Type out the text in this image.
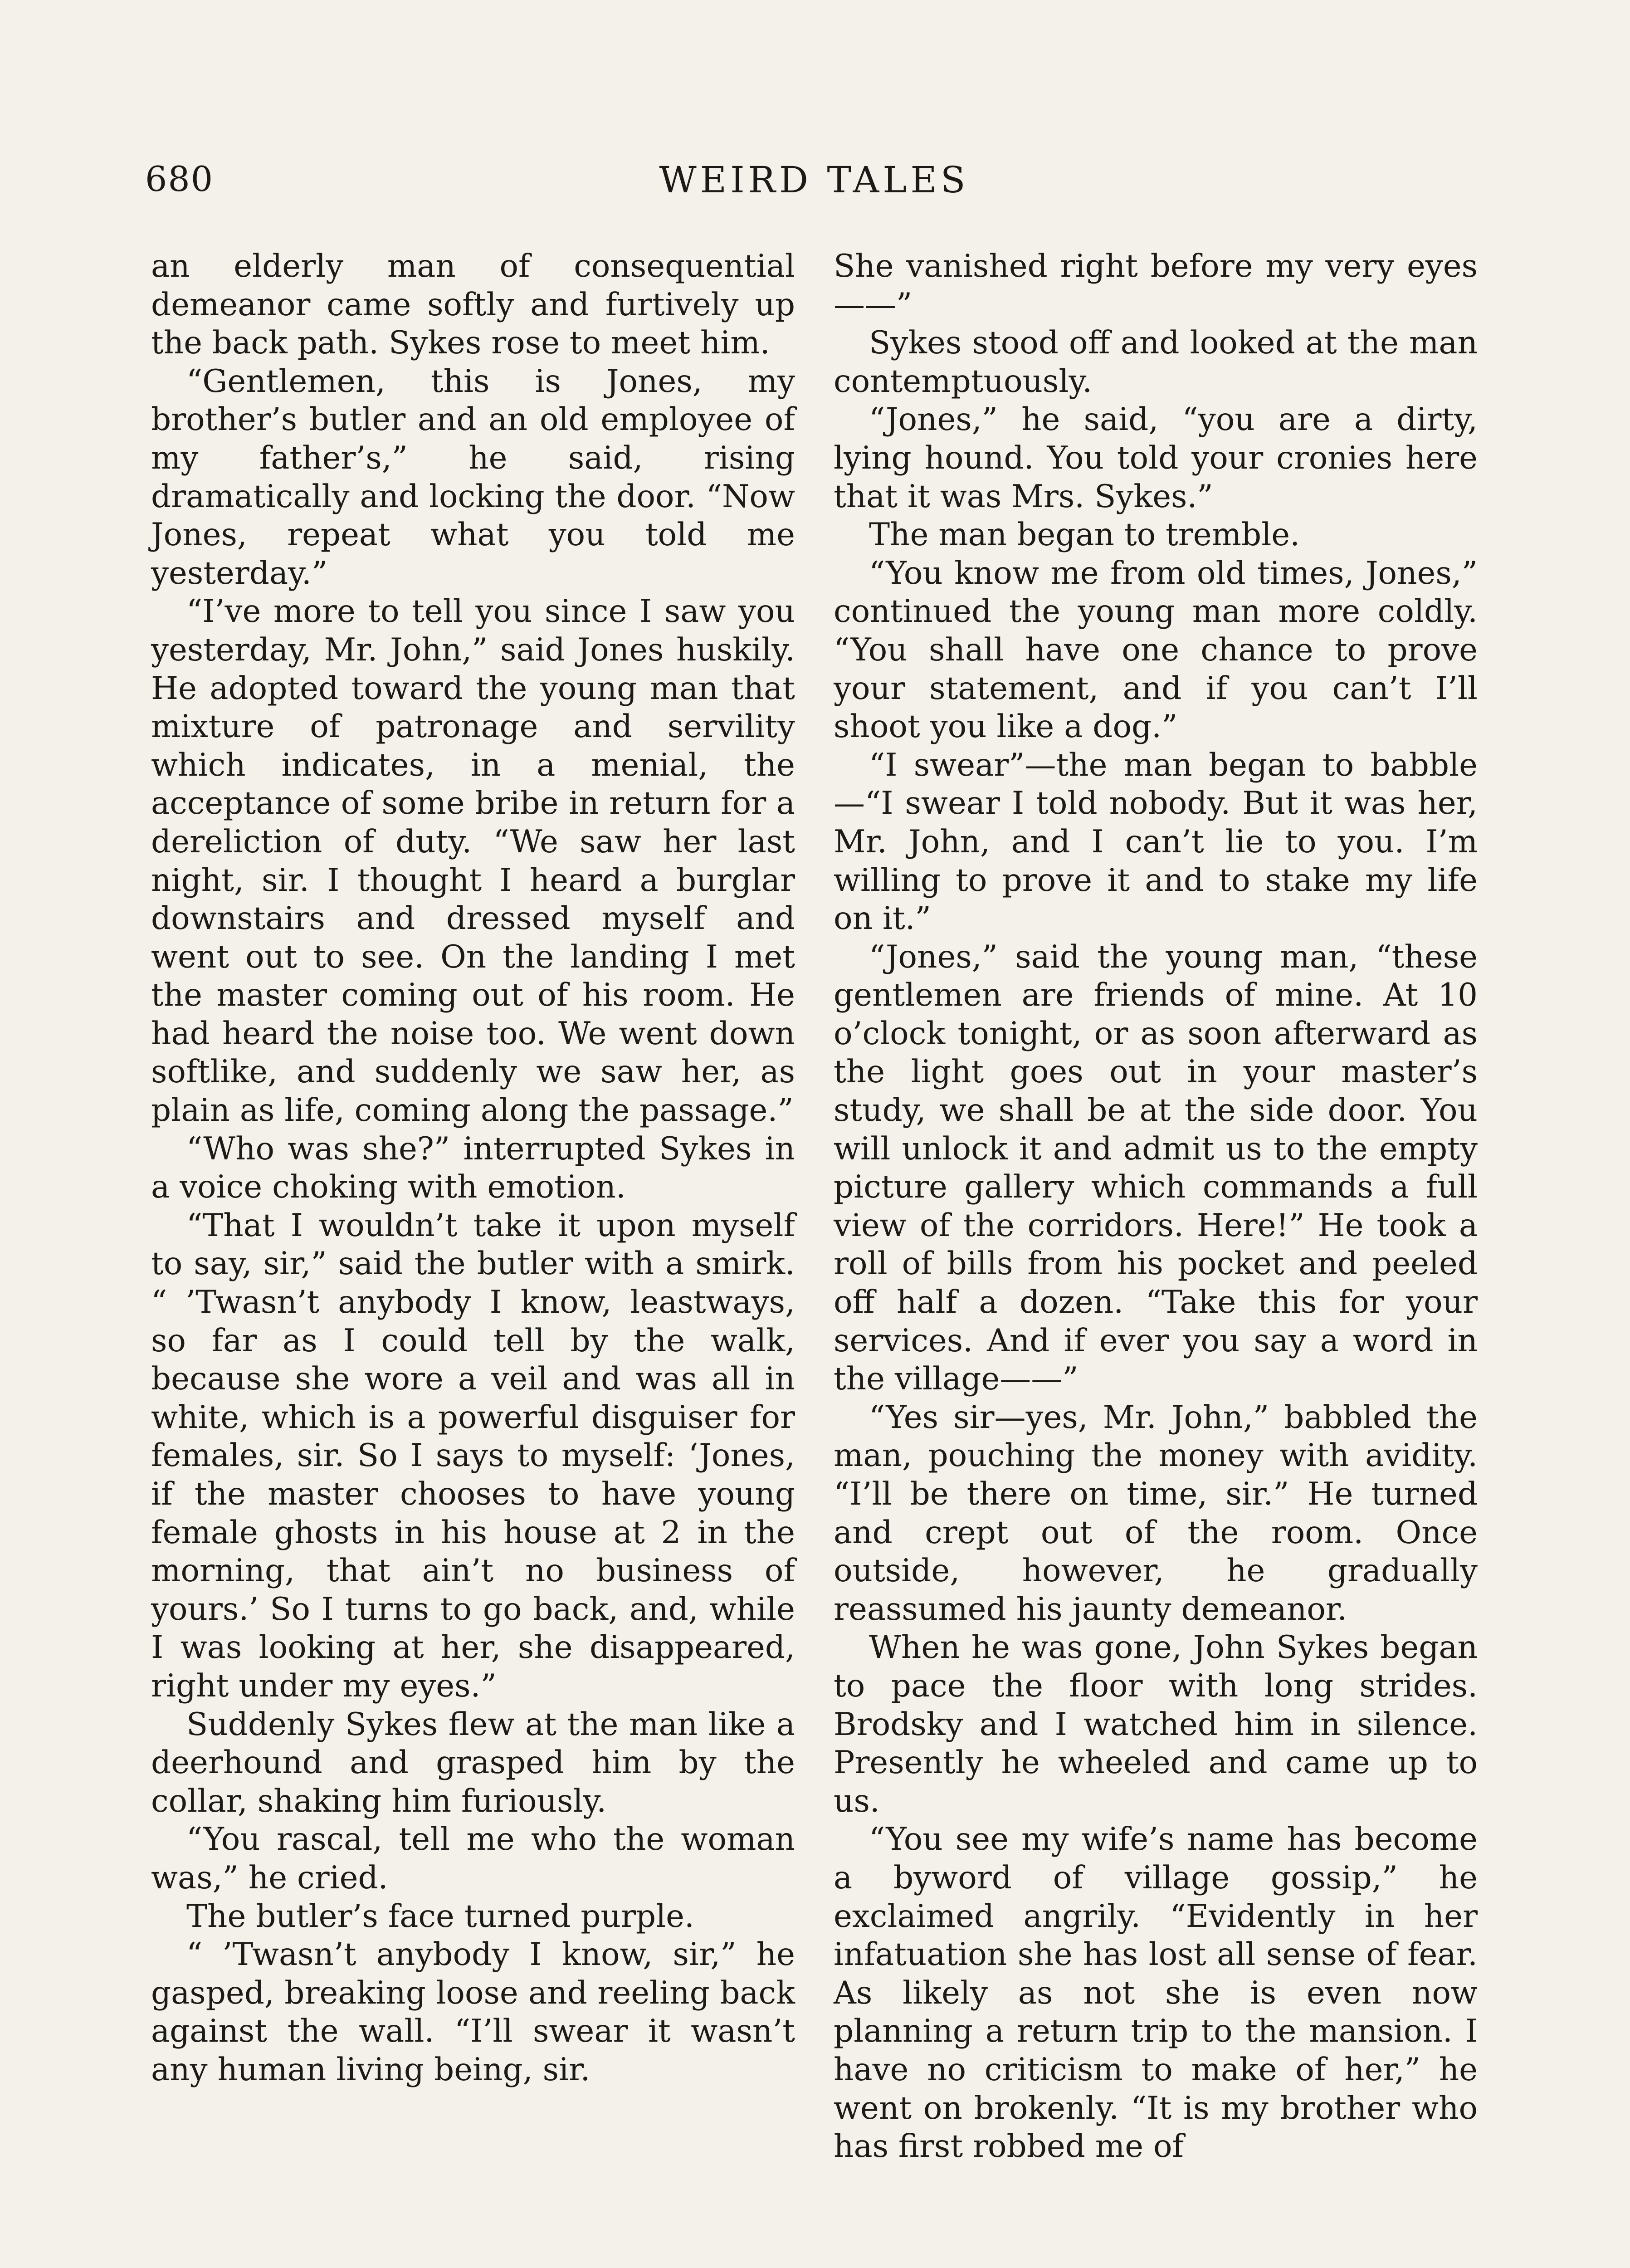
680	WEIRD TALES

an elderly man of consequential demeanor came softly and furtively up the back path. Sykes rose to meet him.

“Gentlemen, this is Jones, my brother’s butler and an old employee of my father’s,” he said, rising dramatically and locking the door. “Now Jones, repeat what you told me yesterday.”

“I’ve more to tell you since I saw you yesterday, Mr. John,” said Jones huskily. He adopted toward the young man that mixture of patronage and servility which indicates, in a menial, the acceptance of some bribe in return for a dereliction of duty. “We saw her last night, sir. I thought I heard a burglar downstairs and dressed myself and went out to see. On the landing I met the master coming out of his room. He had heard the noise too. We went down softlike, and suddenly we saw her, as plain as life, coming along the passage.”

“Who was she?” interrupted Sykes in a voice choking with emotion.

“That I wouldn’t take it upon myself to say, sir,” said the butler with a smirk. “ ’Twasn’t anybody I know, leastways, so far as I could tell by the walk, because she wore a veil and was all in white, which is a powerful disguiser for females, sir. So I says to myself: ‘Jones, if the master chooses to have young female ghosts in his house at 2 in the morning, that ain’t no business of yours.’ So I turns to go back, and, while I was looking at her, she disappeared, right under my eyes.”

Suddenly Sykes flew at the man like a deerhound and grasped him by the collar, shaking him furiously.

“You rascal, tell me who the woman was,” he cried.

The butler’s face turned purple.

“ ’Twasn’t anybody I know, sir,” he gasped, breaking loose and reeling back against the wall. “I’ll swear it wasn’t any human living being, sir.

She vanished right before my very eyes——”

Sykes stood off and looked at the man contemptuously.

“Jones,” he said, “you are a dirty, lying hound. You told your cronies here that it was Mrs. Sykes.”

The man began to tremble.

“You know me from old times, Jones,” continued the young man more coldly. “You shall have one chance to prove your statement, and if you can’t I’ll shoot you like a dog.”

“I swear”—the man began to babble—“I swear I told nobody. But it was her, Mr. John, and I can’t lie to you. I’m willing to prove it and to stake my life on it.”

“Jones,” said the young man, “these gentlemen are friends of mine. At 10 o’clock tonight, or as soon afterward as the light goes out in your master’s study, we shall be at the side door. You will unlock it and admit us to the empty picture gallery which commands a full view of the corridors. Here!” He took a roll of bills from his pocket and peeled off half a dozen. “Take this for your services. And if ever you say a word in the village——”

“Yes sir—yes, Mr. John,” babbled the man, pouching the money with avidity. “I’ll be there on time, sir.” He turned and crept out of the room. Once outside, however, he gradually reassumed his jaunty demeanor.

When he was gone, John Sykes began to pace the floor with long strides. Brodsky and I watched him in silence. Presently he wheeled and came up to us.

“You see my wife’s name has become a byword of village gossip,” he exclaimed angrily. “Evidently in her infatuation she has lost all sense of fear. As likely as not she is even now planning a return trip to the mansion. I have no criticism to make of her,” he went on brokenly. “It is my brother who has first robbed me of
